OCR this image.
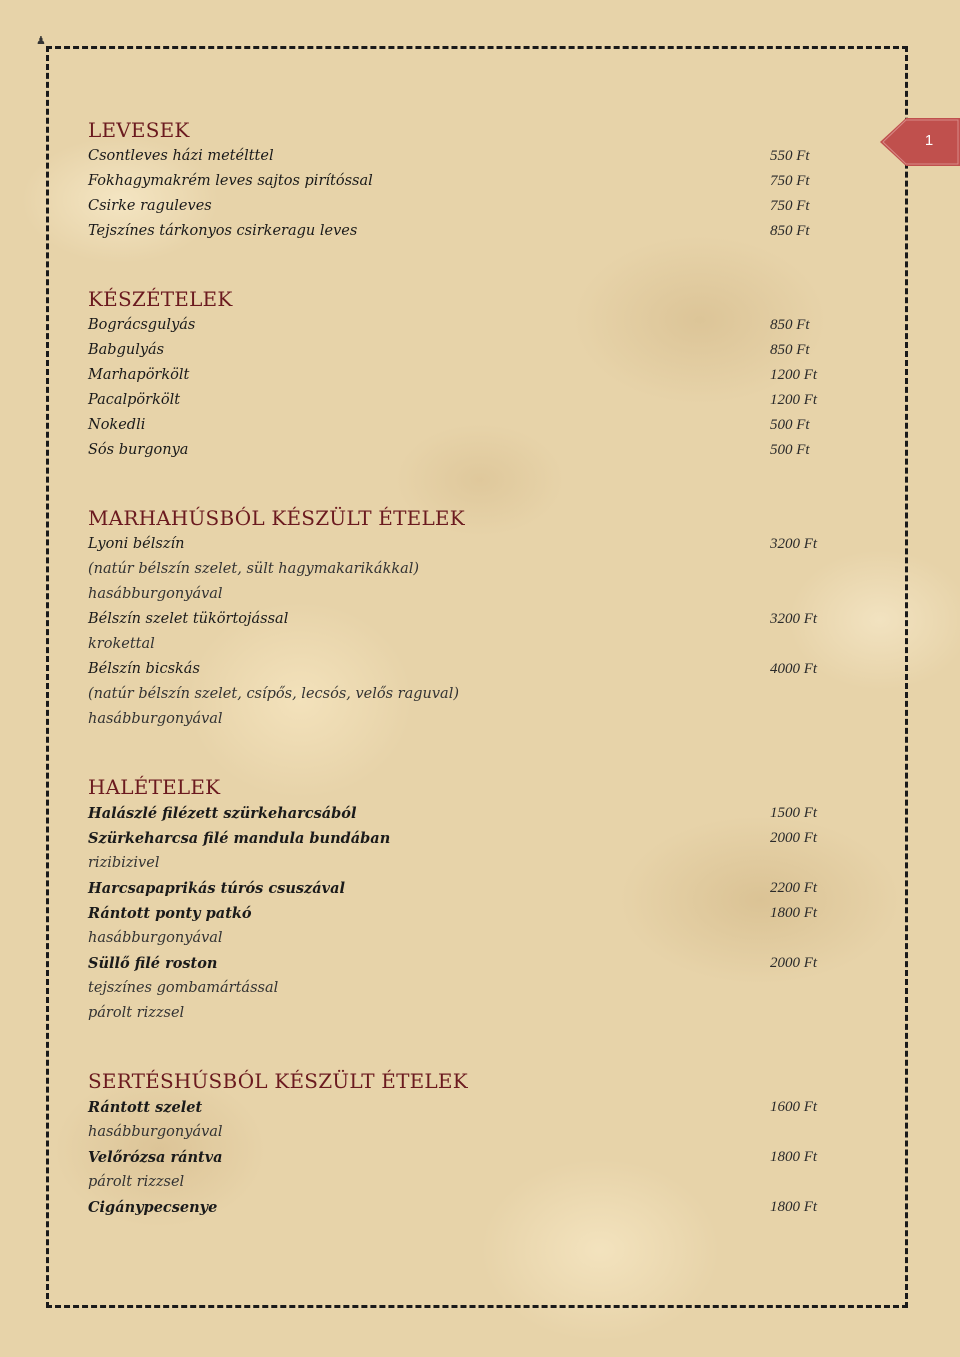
♟
1
LEVESEK
Csontleves házi metélttel	550 Ft
Fokhagymakrém leves sajtos pirítóssal	750 Ft
Csirke raguleves	750 Ft
Tejszínes tárkonyos csirkeragu leves	850 Ft
KÉSZÉTELEK
Bográcsgulyás	850 Ft
Babgulyás	850 Ft
Marhapörkölt	1200 Ft
Pacalpörkölt	1200 Ft
Nokedli	500 Ft
Sós burgonya	500 Ft
MARHAHÚSBÓL KÉSZÜLT ÉTELEK
Lyoni bélszín	3200 Ft
(natúr bélszín szelet, sült hagymakarikákkal)
hasábburgonyával
Bélszín szelet tükörtojással	3200 Ft
krokettal
Bélszín bicskás	4000 Ft
(natúr bélszín szelet, csípős, lecsós, velős raguval)
hasábburgonyával
HALÉTELEK
Halászlé filézett szürkeharcsából	1500 Ft
Szürkeharcsa filé mandula bundában	2000 Ft
rizibizivel
Harcsapaprikás túrós csuszával	2200 Ft
Rántott ponty patkó	1800 Ft
hasábburgonyával
Süllő filé roston	2000 Ft
tejszínes gombamártással
párolt rizzsel
SERTÉSHÚSBÓL KÉSZÜLT ÉTELEK
Rántott szelet	1600 Ft
hasábburgonyával
Velőrózsa rántva	1800 Ft
párolt rizzsel
Cigánypecsenye	1800 Ft
